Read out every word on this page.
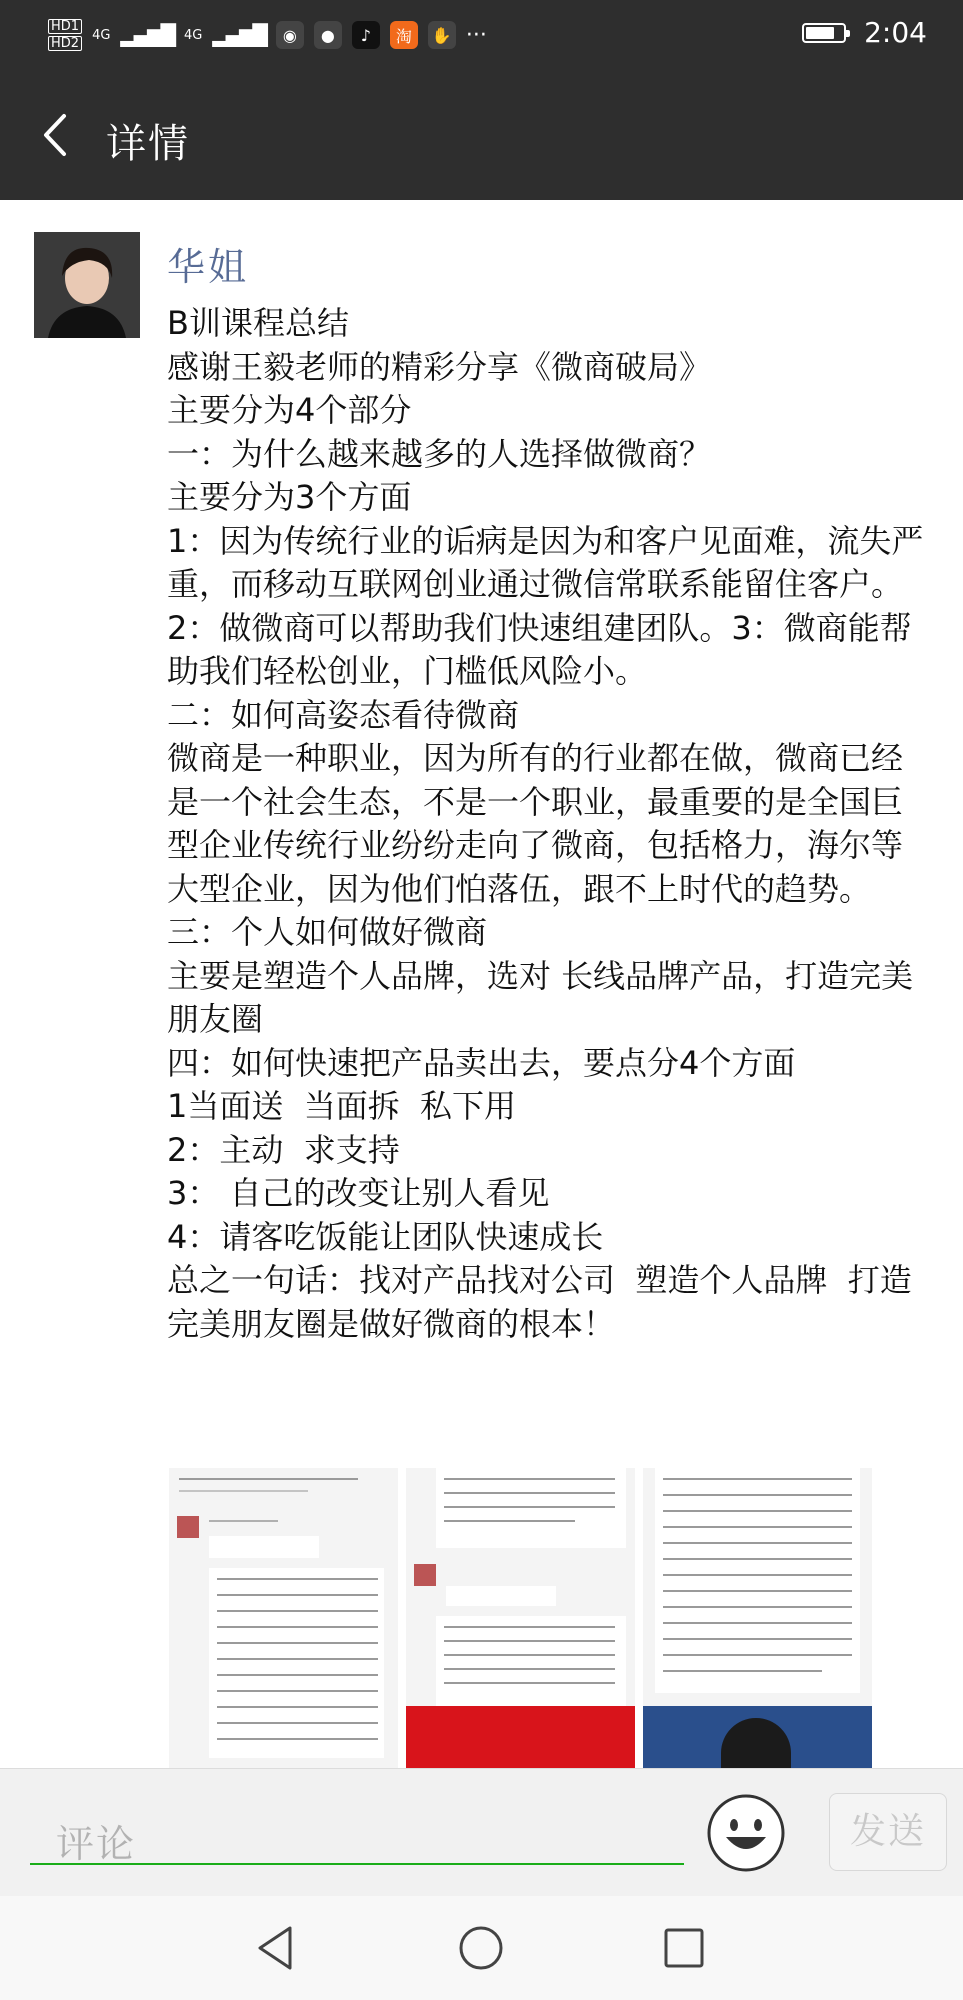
HD1
HD2
4G ▂▄▆█ 4G ▂▄▆█	◉	●	♪	淘	✋ ···	2:04
详情
华姐
B训课程总结
感谢王毅老师的精彩分享《微商破局》
主要分为4个部分
一：为什么越来越多的人选择做微商？
主要分为3个方面
1：因为传统行业的诟病是因为和客户见面难，流失严重，而移动互联网创业通过微信常联系能留住客户。2：做微商可以帮助我们快速组建团队。3：微商能帮助我们轻松创业，门槛低风险小。
二：如何高姿态看待微商
微商是一种职业，因为所有的行业都在做，微商已经是一个社会生态，不是一个职业，最重要的是全国巨型企业传统行业纷纷走向了微商，包括格力，海尔等大型企业，因为他们怕落伍，跟不上时代的趋势。
三：个人如何做好微商
主要是塑造个人品牌，选对 长线品牌产品，打造完美朋友圈
四：如何快速把产品卖出去，要点分4个方面
1当面送  当面拆  私下用
2：主动  求支持
3： 自己的改变让别人看见
4：请客吃饭能让团队快速成长
总之一句话：找对产品找对公司  塑造个人品牌  打造完美朋友圈是做好微商的根本！
评论	发送
